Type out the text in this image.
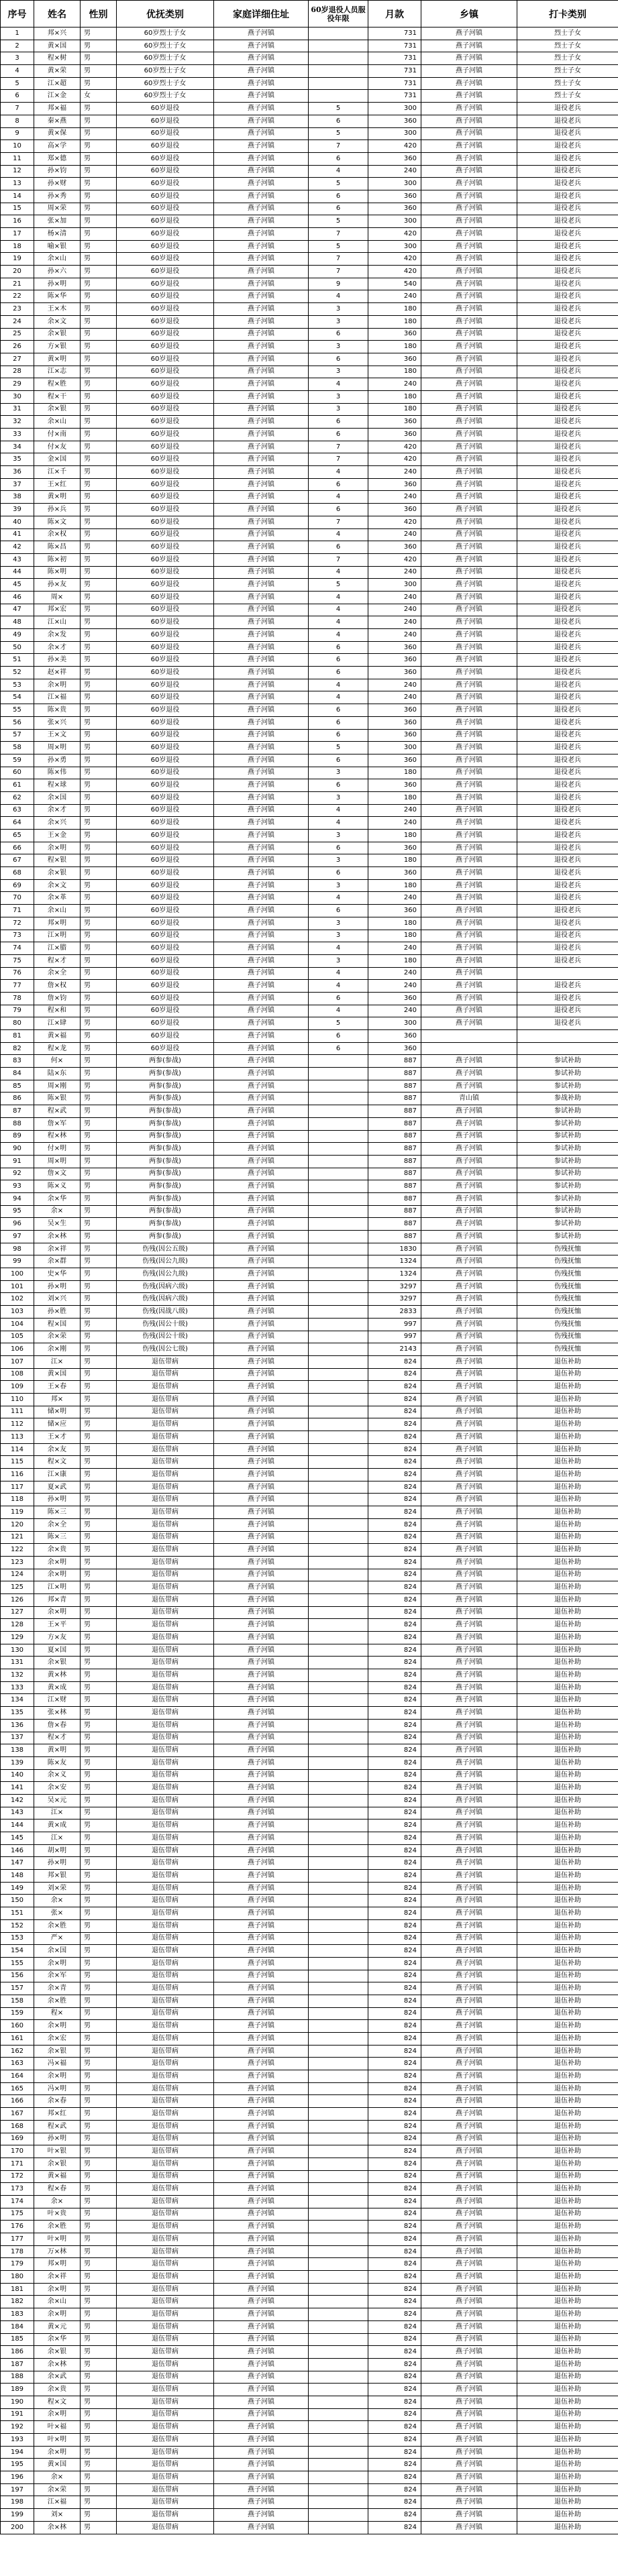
序号	姓名	性别	优抚类别	家庭详细住址	60岁退役人员服役年限	月款	乡镇	打卡类别
1	邦×兴	男	60岁烈士子女	燕子河镇		731	燕子河镇	烈士子女
2	黄×国	男	60岁烈士子女	燕子河镇		731	燕子河镇	烈士子女
3	程×树	男	60岁烈士子女	燕子河镇		731	燕子河镇	烈士子女
4	黄×荣	男	60岁烈士子女	燕子河镇		731	燕子河镇	烈士子女
5	江×超	男	60岁烈士子女	燕子河镇		731	燕子河镇	烈士子女
6	江×金	女	60岁烈士子女	燕子河镇		731	燕子河镇	烈士子女
7	邦×福	男	60岁退役	燕子河镇	5	300	燕子河镇	退役老兵
8	秦×燕	男	60岁退役	燕子河镇	6	360	燕子河镇	退役老兵
9	黄×保	男	60岁退役	燕子河镇	5	300	燕子河镇	退役老兵
10	高×学	男	60岁退役	燕子河镇	7	420	燕子河镇	退役老兵
11	郑×德	男	60岁退役	燕子河镇	6	360	燕子河镇	退役老兵
12	孙×钧	男	60岁退役	燕子河镇	4	240	燕子河镇	退役老兵
13	孙×财	男	60岁退役	燕子河镇	5	300	燕子河镇	退役老兵
14	孙×秀	男	60岁退役	燕子河镇	6	360	燕子河镇	退役老兵
15	周×荣	男	60岁退役	燕子河镇	6	360	燕子河镇	退役老兵
16	张×加	男	60岁退役	燕子河镇	5	300	燕子河镇	退役老兵
17	杨×清	男	60岁退役	燕子河镇	7	420	燕子河镇	退役老兵
18	喻×银	男	60岁退役	燕子河镇	5	300	燕子河镇	退役老兵
19	余×山	男	60岁退役	燕子河镇	7	420	燕子河镇	退役老兵
20	孙×六	男	60岁退役	燕子河镇	7	420	燕子河镇	退役老兵
21	孙×明	男	60岁退役	燕子河镇	9	540	燕子河镇	退役老兵
22	陈×华	男	60岁退役	燕子河镇	4	240	燕子河镇	退役老兵
23	王×木	男	60岁退役	燕子河镇	3	180	燕子河镇	退役老兵
24	余×文	男	60岁退役	燕子河镇	3	180	燕子河镇	退役老兵
25	余×银	男	60岁退役	燕子河镇	6	360	燕子河镇	退役老兵
26	方×银	男	60岁退役	燕子河镇	3	180	燕子河镇	退役老兵
27	黄×明	男	60岁退役	燕子河镇	6	360	燕子河镇	退役老兵
28	江×志	男	60岁退役	燕子河镇	3	180	燕子河镇	退役老兵
29	程×胜	男	60岁退役	燕子河镇	4	240	燕子河镇	退役老兵
30	程×干	男	60岁退役	燕子河镇	3	180	燕子河镇	退役老兵
31	余×银	男	60岁退役	燕子河镇	3	180	燕子河镇	退役老兵
32	余×山	男	60岁退役	燕子河镇	6	360	燕子河镇	退役老兵
33	付×南	男	60岁退役	燕子河镇	6	360	燕子河镇	退役老兵
34	付×友	男	60岁退役	燕子河镇	7	420	燕子河镇	退役老兵
35	金×国	男	60岁退役	燕子河镇	7	420	燕子河镇	退役老兵
36	江×千	男	60岁退役	燕子河镇	4	240	燕子河镇	退役老兵
37	王×红	男	60岁退役	燕子河镇	6	360	燕子河镇	退役老兵
38	黄×明	男	60岁退役	燕子河镇	4	240	燕子河镇	退役老兵
39	孙×兵	男	60岁退役	燕子河镇	6	360	燕子河镇	退役老兵
40	陈×文	男	60岁退役	燕子河镇	7	420	燕子河镇	退役老兵
41	余×权	男	60岁退役	燕子河镇	4	240	燕子河镇	退役老兵
42	陈×昌	男	60岁退役	燕子河镇	6	360	燕子河镇	退役老兵
43	陈×初	男	60岁退役	燕子河镇	7	420	燕子河镇	退役老兵
44	陈×明	男	60岁退役	燕子河镇	4	240	燕子河镇	退役老兵
45	孙×友	男	60岁退役	燕子河镇	5	300	燕子河镇	退役老兵
46	周×	男	60岁退役	燕子河镇	4	240	燕子河镇	退役老兵
47	邦×宏	男	60岁退役	燕子河镇	4	240	燕子河镇	退役老兵
48	江×山	男	60岁退役	燕子河镇	4	240	燕子河镇	退役老兵
49	余×发	男	60岁退役	燕子河镇	4	240	燕子河镇	退役老兵
50	余×才	男	60岁退役	燕子河镇	6	360	燕子河镇	退役老兵
51	孙×美	男	60岁退役	燕子河镇	6	360	燕子河镇	退役老兵
52	赵×祥	男	60岁退役	燕子河镇	6	360	燕子河镇	退役老兵
53	余×明	男	60岁退役	燕子河镇	4	240	燕子河镇	退役老兵
54	江×福	男	60岁退役	燕子河镇	4	240	燕子河镇	退役老兵
55	陈×贵	男	60岁退役	燕子河镇	6	360	燕子河镇	退役老兵
56	张×兴	男	60岁退役	燕子河镇	6	360	燕子河镇	退役老兵
57	王×文	男	60岁退役	燕子河镇	6	360	燕子河镇	退役老兵
58	周×明	男	60岁退役	燕子河镇	5	300	燕子河镇	退役老兵
59	孙×勇	男	60岁退役	燕子河镇	6	360	燕子河镇	退役老兵
60	陈×伟	男	60岁退役	燕子河镇	3	180	燕子河镇	退役老兵
61	程×球	男	60岁退役	燕子河镇	6	360	燕子河镇	退役老兵
62	余×国	男	60岁退役	燕子河镇	3	180	燕子河镇	退役老兵
63	余×才	男	60岁退役	燕子河镇	4	240	燕子河镇	退役老兵
64	余×兴	男	60岁退役	燕子河镇	4	240	燕子河镇	退役老兵
65	王×金	男	60岁退役	燕子河镇	3	180	燕子河镇	退役老兵
66	余×明	男	60岁退役	燕子河镇	6	360	燕子河镇	退役老兵
67	程×银	男	60岁退役	燕子河镇	3	180	燕子河镇	退役老兵
68	余×银	男	60岁退役	燕子河镇	6	360	燕子河镇	退役老兵
69	余×文	男	60岁退役	燕子河镇	3	180	燕子河镇	退役老兵
70	余×革	男	60岁退役	燕子河镇	4	240	燕子河镇	退役老兵
71	余×山	男	60岁退役	燕子河镇	6	360	燕子河镇	退役老兵
72	邦×明	男	60岁退役	燕子河镇	3	180	燕子河镇	退役老兵
73	江×明	男	60岁退役	燕子河镇	3	180	燕子河镇	退役老兵
74	江×腊	男	60岁退役	燕子河镇	4	240	燕子河镇	退役老兵
75	程×才	男	60岁退役	燕子河镇	3	180	燕子河镇	退役老兵
76	余×全	男	60岁退役	燕子河镇	4	240	燕子河镇	
77	詹×权	男	60岁退役	燕子河镇	4	240	燕子河镇	退役老兵
78	詹×钧	男	60岁退役	燕子河镇	6	360	燕子河镇	退役老兵
79	程×和	男	60岁退役	燕子河镇	4	240	燕子河镇	退役老兵
80	江×肆	男	60岁退役	燕子河镇	5	300	燕子河镇	退役老兵
81	黄×福	男	60岁退役	燕子河镇	6	360		
82	程×龙	男	60岁退役	燕子河镇	6	360		
83	何×	男	两参(参战)	燕子河镇		887	燕子河镇	参试补助
84	陆×东	男	两参(参战)	燕子河镇		887	燕子河镇	参试补助
85	周×刚	男	两参(参战)	燕子河镇		887	燕子河镇	参试补助
86	陈×银	男	两参(参战)	燕子河镇		887	青山镇	参战补助
87	程×武	男	两参(参战)	燕子河镇		887	燕子河镇	参试补助
88	詹×军	男	两参(参战)	燕子河镇		887	燕子河镇	参试补助
89	程×林	男	两参(参战)	燕子河镇		887	燕子河镇	参试补助
90	付×明	男	两参(参战)	燕子河镇		887	燕子河镇	参试补助
91	周×明	男	两参(参战)	燕子河镇		887	燕子河镇	参试补助
92	詹×文	男	两参(参战)	燕子河镇		887	燕子河镇	参试补助
93	陈×义	男	两参(参战)	燕子河镇		887	燕子河镇	参试补助
94	余×华	男	两参(参战)	燕子河镇		887	燕子河镇	参试补助
95	余×	男	两参(参战)	燕子河镇		887	燕子河镇	参试补助
96	吴×生	男	两参(参战)	燕子河镇		887	燕子河镇	参试补助
97	余×林	男	两参(参战)	燕子河镇		887	燕子河镇	参试补助
98	余×祥	男	伤残(因公五级)	燕子河镇		1830	燕子河镇	伤残抚恤
99	余×群	男	伤残(因公九级)	燕子河镇		1324	燕子河镇	伤残抚恤
100	史×华	男	伤残(因公九级)	燕子河镇		1324	燕子河镇	伤残抚恤
101	孙×明	男	伤残(因病六级)	燕子河镇		3297	燕子河镇	伤残抚恤
102	刘×兴	男	伤残(因病六级)	燕子河镇		3297	燕子河镇	伤残抚恤
103	孙×胜	男	伤残(因战八级)	燕子河镇		2833	燕子河镇	伤残抚恤
104	程×国	男	伤残(因公十级)	燕子河镇		997	燕子河镇	伤残抚恤
105	余×荣	男	伤残(因公十级)	燕子河镇		997	燕子河镇	伤残抚恤
106	余×刚	男	伤残(因公七级)	燕子河镇		2143	燕子河镇	伤残抚恤
107	江×	男	退伍带病	燕子河镇		824	燕子河镇	退伍补助
108	黄×国	男	退伍带病	燕子河镇		824	燕子河镇	退伍补助
109	王×春	男	退伍带病	燕子河镇		824	燕子河镇	退伍补助
110	邦×	男	退伍带病	燕子河镇		824	燕子河镇	退伍补助
111	储×明	男	退伍带病	燕子河镇		824	燕子河镇	退伍补助
112	储×应	男	退伍带病	燕子河镇		824	燕子河镇	退伍补助
113	王×才	男	退伍带病	燕子河镇		824	燕子河镇	退伍补助
114	余×友	男	退伍带病	燕子河镇		824	燕子河镇	退伍补助
115	程×文	男	退伍带病	燕子河镇		824	燕子河镇	退伍补助
116	江×康	男	退伍带病	燕子河镇		824	燕子河镇	退伍补助
117	夏×武	男	退伍带病	燕子河镇		824	燕子河镇	退伍补助
118	孙×明	男	退伍带病	燕子河镇		824	燕子河镇	退伍补助
119	陈×三	男	退伍带病	燕子河镇		824	燕子河镇	退伍补助
120	余×全	男	退伍带病	燕子河镇		824	燕子河镇	退伍补助
121	陈×三	男	退伍带病	燕子河镇		824	燕子河镇	退伍补助
122	余×贵	男	退伍带病	燕子河镇		824	燕子河镇	退伍补助
123	余×明	男	退伍带病	燕子河镇		824	燕子河镇	退伍补助
124	余×明	男	退伍带病	燕子河镇		824	燕子河镇	退伍补助
125	江×明	男	退伍带病	燕子河镇		824	燕子河镇	退伍补助
126	邦×青	男	退伍带病	燕子河镇		824	燕子河镇	退伍补助
127	余×明	男	退伍带病	燕子河镇		824	燕子河镇	退伍补助
128	王×平	男	退伍带病	燕子河镇		824	燕子河镇	退伍补助
129	方×友	男	退伍带病	燕子河镇		824	燕子河镇	退伍补助
130	夏×国	男	退伍带病	燕子河镇		824	燕子河镇	退伍补助
131	余×银	男	退伍带病	燕子河镇		824	燕子河镇	退伍补助
132	黄×林	男	退伍带病	燕子河镇		824	燕子河镇	退伍补助
133	黄×成	男	退伍带病	燕子河镇		824	燕子河镇	退伍补助
134	江×财	男	退伍带病	燕子河镇		824	燕子河镇	退伍补助
135	张×林	男	退伍带病	燕子河镇		824	燕子河镇	退伍补助
136	詹×春	男	退伍带病	燕子河镇		824	燕子河镇	退伍补助
137	程×才	男	退伍带病	燕子河镇		824	燕子河镇	退伍补助
138	黄×明	男	退伍带病	燕子河镇		824	燕子河镇	退伍补助
139	陈×友	男	退伍带病	燕子河镇		824	燕子河镇	退伍补助
140	余×义	男	退伍带病	燕子河镇		824	燕子河镇	退伍补助
141	余×安	男	退伍带病	燕子河镇		824	燕子河镇	退伍补助
142	吴×元	男	退伍带病	燕子河镇		824	燕子河镇	退伍补助
143	江×	男	退伍带病	燕子河镇		824	燕子河镇	退伍补助
144	黄×成	男	退伍带病	燕子河镇		824	燕子河镇	退伍补助
145	江×	男	退伍带病	燕子河镇		824	燕子河镇	退伍补助
146	胡×明	男	退伍带病	燕子河镇		824	燕子河镇	退伍补助
147	孙×明	男	退伍带病	燕子河镇		824	燕子河镇	退伍补助
148	邦×银	男	退伍带病	燕子河镇		824	燕子河镇	退伍补助
149	刘×荣	男	退伍带病	燕子河镇		824	燕子河镇	退伍补助
150	余×	男	退伍带病	燕子河镇		824	燕子河镇	退伍补助
151	张×	男	退伍带病	燕子河镇		824	燕子河镇	退伍补助
152	余×胜	男	退伍带病	燕子河镇		824	燕子河镇	退伍补助
153	严×	男	退伍带病	燕子河镇		824	燕子河镇	退伍补助
154	余×国	男	退伍带病	燕子河镇		824	燕子河镇	退伍补助
155	余×明	男	退伍带病	燕子河镇		824	燕子河镇	退伍补助
156	余×军	男	退伍带病	燕子河镇		824	燕子河镇	退伍补助
157	余×青	男	退伍带病	燕子河镇		824	燕子河镇	退伍补助
158	余×胜	男	退伍带病	燕子河镇		824	燕子河镇	退伍补助
159	程×	男	退伍带病	燕子河镇		824	燕子河镇	退伍补助
160	余×明	男	退伍带病	燕子河镇		824	燕子河镇	退伍补助
161	余×宏	男	退伍带病	燕子河镇		824	燕子河镇	退伍补助
162	余×银	男	退伍带病	燕子河镇		824	燕子河镇	退伍补助
163	冯×福	男	退伍带病	燕子河镇		824	燕子河镇	退伍补助
164	余×明	男	退伍带病	燕子河镇		824	燕子河镇	退伍补助
165	冯×明	男	退伍带病	燕子河镇		824	燕子河镇	退伍补助
166	余×春	男	退伍带病	燕子河镇		824	燕子河镇	退伍补助
167	邦×红	男	退伍带病	燕子河镇		824	燕子河镇	退伍补助
168	程×武	男	退伍带病	燕子河镇		824	燕子河镇	退伍补助
169	孙×明	男	退伍带病	燕子河镇		824	燕子河镇	退伍补助
170	叶×银	男	退伍带病	燕子河镇		824	燕子河镇	退伍补助
171	余×银	男	退伍带病	燕子河镇		824	燕子河镇	退伍补助
172	黄×福	男	退伍带病	燕子河镇		824	燕子河镇	退伍补助
173	程×春	男	退伍带病	燕子河镇		824	燕子河镇	退伍补助
174	余×	男	退伍带病	燕子河镇		824	燕子河镇	退伍补助
175	叶×贵	男	退伍带病	燕子河镇		824	燕子河镇	退伍补助
176	余×胜	男	退伍带病	燕子河镇		824	燕子河镇	退伍补助
177	叶×明	男	退伍带病	燕子河镇		824	燕子河镇	退伍补助
178	万×林	男	退伍带病	燕子河镇		824	燕子河镇	退伍补助
179	邦×明	男	退伍带病	燕子河镇		824	燕子河镇	退伍补助
180	余×祥	男	退伍带病	燕子河镇		824	燕子河镇	退伍补助
181	余×明	男	退伍带病	燕子河镇		824	燕子河镇	退伍补助
182	余×山	男	退伍带病	燕子河镇		824	燕子河镇	退伍补助
183	余×明	男	退伍带病	燕子河镇		824	燕子河镇	退伍补助
184	黄×元	男	退伍带病	燕子河镇		824	燕子河镇	退伍补助
185	余×华	男	退伍带病	燕子河镇		824	燕子河镇	退伍补助
186	余×银	男	退伍带病	燕子河镇		824	燕子河镇	退伍补助
187	余×林	男	退伍带病	燕子河镇		824	燕子河镇	退伍补助
188	余×武	男	退伍带病	燕子河镇		824	燕子河镇	退伍补助
189	余×贵	男	退伍带病	燕子河镇		824	燕子河镇	退伍补助
190	程×文	男	退伍带病	燕子河镇		824	燕子河镇	退伍补助
191	余×明	男	退伍带病	燕子河镇		824	燕子河镇	退伍补助
192	叶×福	男	退伍带病	燕子河镇		824	燕子河镇	退伍补助
193	叶×明	男	退伍带病	燕子河镇		824	燕子河镇	退伍补助
194	余×明	男	退伍带病	燕子河镇		824	燕子河镇	退伍补助
195	黄×国	男	退伍带病	燕子河镇		824	燕子河镇	退伍补助
196	余×	男	退伍带病	燕子河镇		824	燕子河镇	退伍补助
197	余×荣	男	退伍带病	燕子河镇		824	燕子河镇	退伍补助
198	江×福	男	退伍带病	燕子河镇		824	燕子河镇	退伍补助
199	刘×	男	退伍带病	燕子河镇		824	燕子河镇	退伍补助
200	余×林	男	退伍带病	燕子河镇		824	燕子河镇	退伍补助
